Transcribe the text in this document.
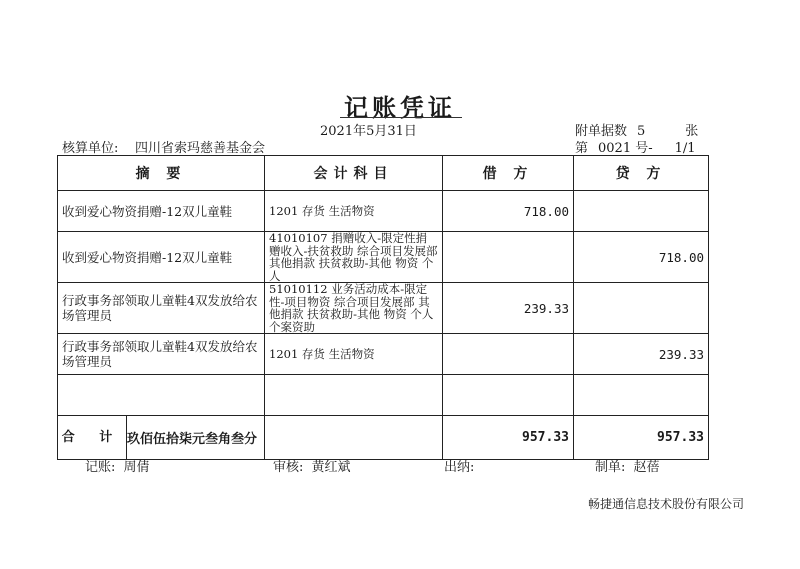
记账凭证
2021年5月31日	附单据数 5	张
核算单位: 四川省索玛慈善基金会	第 0021 号- 1/1
摘 要	会计科目	借 方	贷 方
收到爱心物资捐赠-12双儿童鞋	1201 存货 生活物资	718.00	
收到爱心物资捐赠-12双儿童鞋	41010107 捐赠收入-限定性捐赠收入-扶贫救助 综合项目发展部 其他捐款 扶贫救助-其他 物资 个人		718.00
行政事务部领取儿童鞋4双发放给农场管理员	51010112 业务活动成本-限定性-项目物资 综合项目发展部 其他捐款 扶贫救助-其他 物资 个人 个案资助	239.33	
行政事务部领取儿童鞋4双发放给农场管理员	1201 存货 生活物资		239.33

合 计 玖佰伍拾柒元叁角叁分		957.33	957.33
记账: 周倩	审核: 黄红斌	出纳:	制单: 赵蓓
畅捷通信息技术股份有限公司
